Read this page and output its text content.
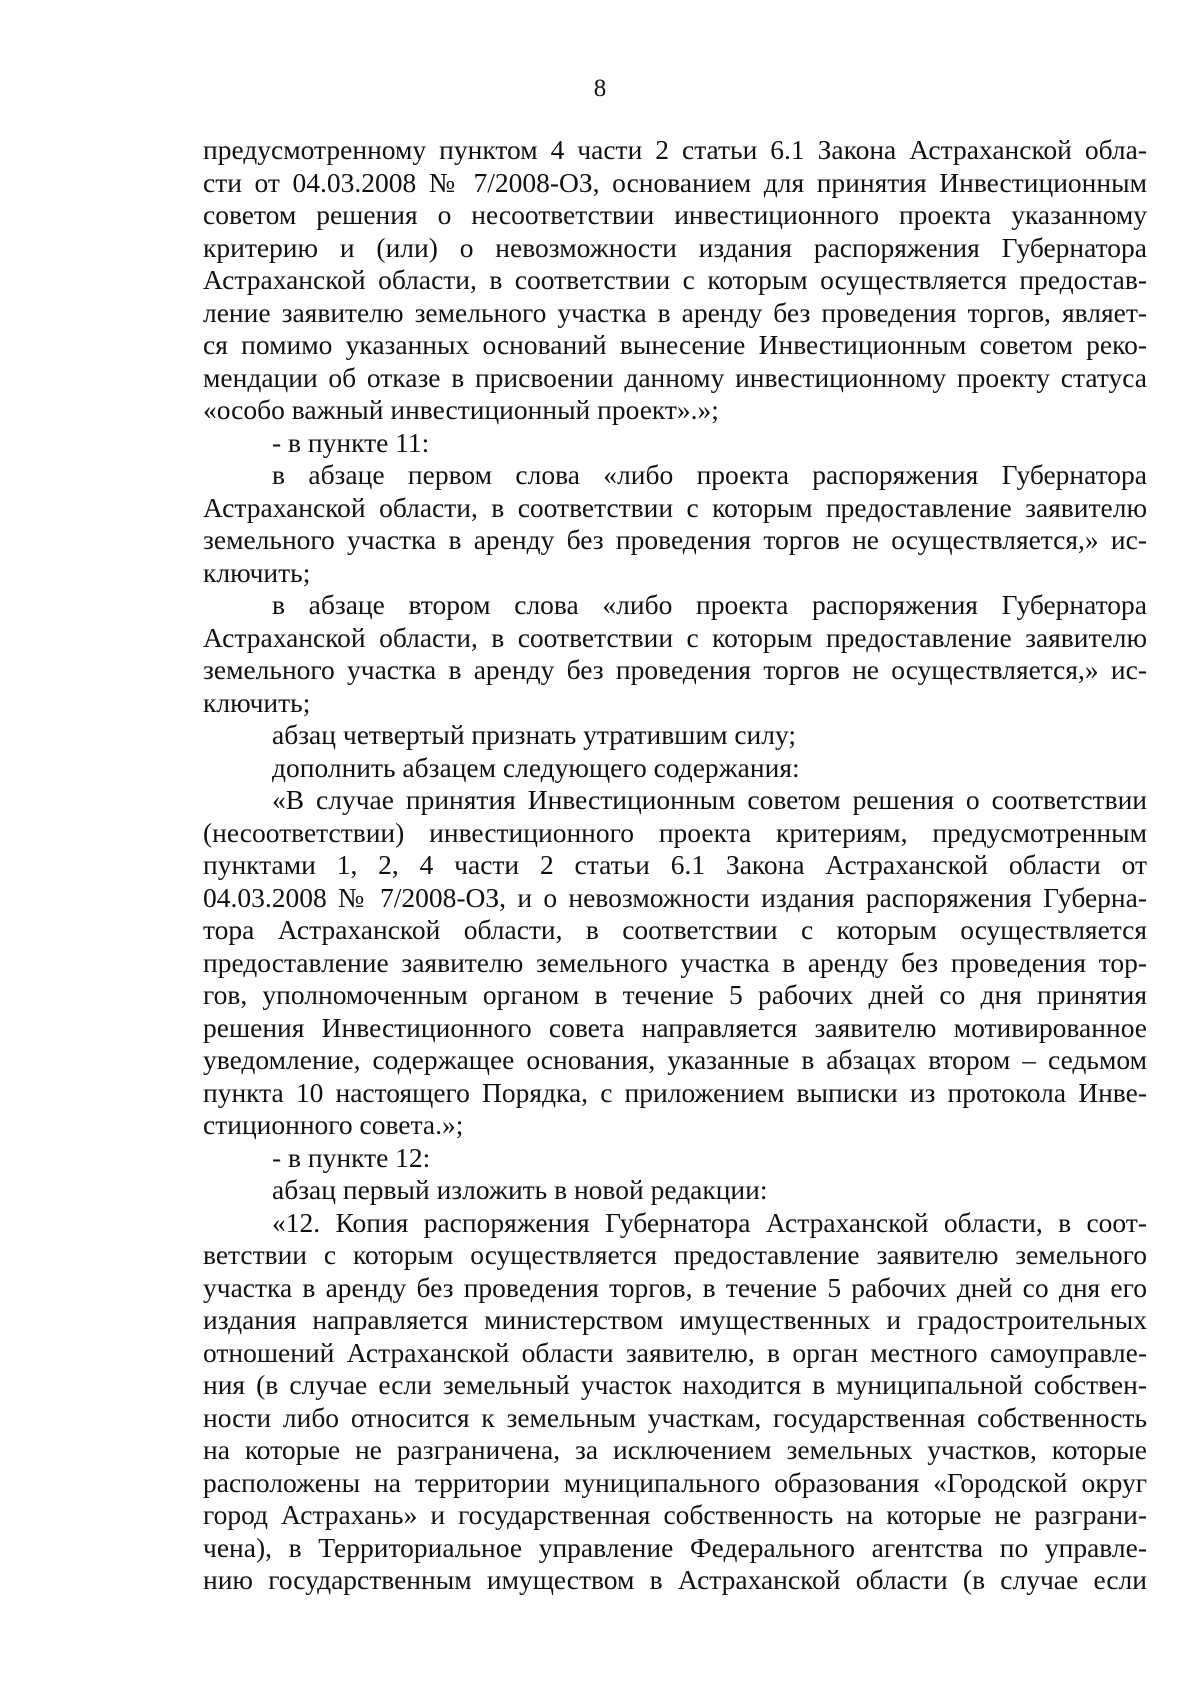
8
предусмотренному пунктом 4 части 2 статьи 6.1 Закона Астраханской обла-
сти от 04.03.2008 № 7/2008-ОЗ, основанием для принятия Инвестиционным
советом решения о несоответствии инвестиционного проекта указанному
критерию и (или) о невозможности издания распоряжения Губернатора
Астраханской области, в соответствии с которым осуществляется предостав-
ление заявителю земельного участка в аренду без проведения торгов, являет-
ся помимо указанных оснований вынесение Инвестиционным советом реко-
мендации об отказе в присвоении данному инвестиционному проекту статуса
«особо важный инвестиционный проект».»;
- в пункте 11:
в абзаце первом слова «либо проекта распоряжения Губернатора
Астраханской области, в соответствии с которым предоставление заявителю
земельного участка в аренду без проведения торгов не осуществляется,» ис-
ключить;
в абзаце втором слова «либо проекта распоряжения Губернатора
Астраханской области, в соответствии с которым предоставление заявителю
земельного участка в аренду без проведения торгов не осуществляется,» ис-
ключить;
абзац четвертый признать утратившим силу;
дополнить абзацем следующего содержания:
«В случае принятия Инвестиционным советом решения о соответствии
(несоответствии) инвестиционного проекта критериям, предусмотренным
пунктами 1, 2, 4 части 2 статьи 6.1 Закона Астраханской области от
04.03.2008 № 7/2008-ОЗ, и о невозможности издания распоряжения Губерна-
тора Астраханской области, в соответствии с которым осуществляется
предоставление заявителю земельного участка в аренду без проведения тор-
гов, уполномоченным органом в течение 5 рабочих дней со дня принятия
решения Инвестиционного совета направляется заявителю мотивированное
уведомление, содержащее основания, указанные в абзацах втором – седьмом
пункта 10 настоящего Порядка, с приложением выписки из протокола Инве-
стиционного совета.»;
- в пункте 12:
абзац первый изложить в новой редакции:
«12. Копия распоряжения Губернатора Астраханской области, в соот-
ветствии с которым осуществляется предоставление заявителю земельного
участка в аренду без проведения торгов, в течение 5 рабочих дней со дня его
издания направляется министерством имущественных и градостроительных
отношений Астраханской области заявителю, в орган местного самоуправле-
ния (в случае если земельный участок находится в муниципальной собствен-
ности либо относится к земельным участкам, государственная собственность
на которые не разграничена, за исключением земельных участков, которые
расположены на территории муниципального образования «Городской округ
город Астрахань» и государственная собственность на которые не разграни-
чена), в Территориальное управление Федерального агентства по управле-
нию государственным имуществом в Астраханской области (в случае если
